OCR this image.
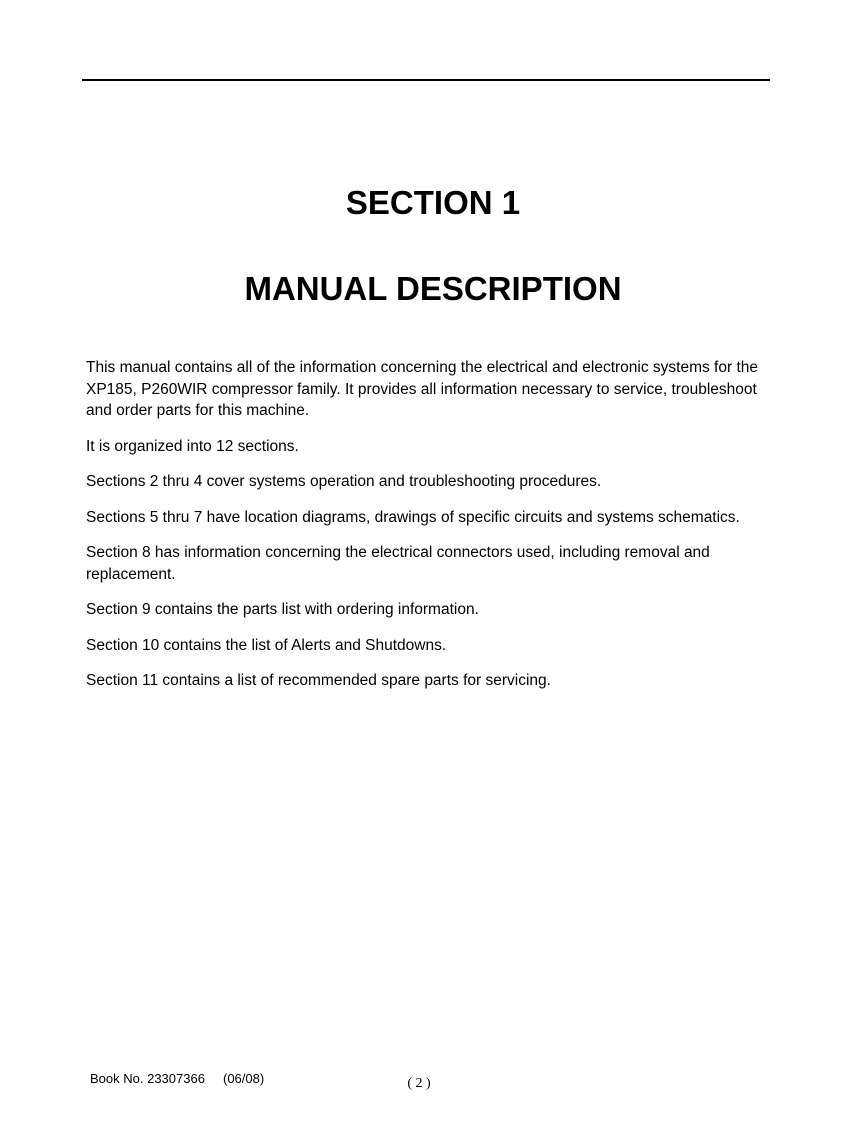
SECTION 1
MANUAL DESCRIPTION

This manual contains all of the information concerning the electrical and electronic systems for the XP185, P260WIR compressor family. It provides all information necessary to service, troubleshoot and order parts for this machine.

It is organized into 12 sections.

Sections 2 thru 4 cover systems operation and troubleshooting procedures.

Sections 5 thru 7 have location diagrams, drawings of specific circuits and systems schematics.

Section 8 has information concerning the electrical connectors used, including removal and replacement.

Section 9 contains the parts list with ordering information.

Section 10 contains the list of Alerts and Shutdowns.

Section 11 contains a list of recommended spare parts for servicing.

Book No. 23307366 (06/08)	( 2 )
